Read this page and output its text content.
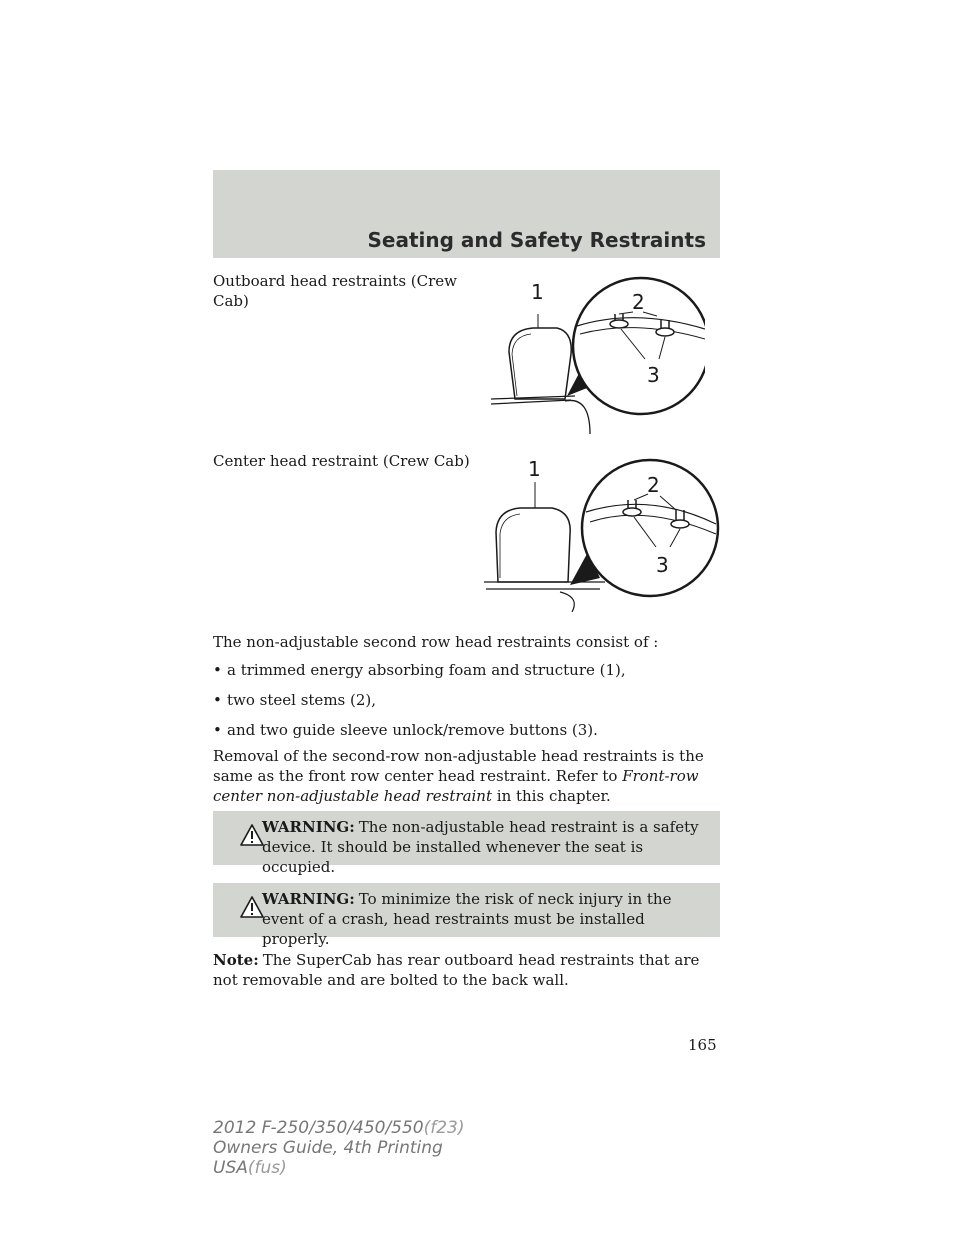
Seating and Safety Restraints
Outboard head restraints (Crew Cab)	1	2
3
Center head restraint (Crew Cab)	1
2
3
The non-adjustable second row head restraints consist of :
• a trimmed energy absorbing foam and structure (1),
• two steel stems (2),
• and two guide sleeve unlock/remove buttons (3).
Removal of the second-row non-adjustable head restraints is the same as the front row center head restraint. Refer to Front-row center non-adjustable head restraint in this chapter.
WARNING: The non-adjustable head restraint is a safety device. It should be installed whenever the seat is occupied.
WARNING: To minimize the risk of neck injury in the event of a crash, head restraints must be installed properly.
Note: The SuperCab has rear outboard head restraints that are not removable and are bolted to the back wall.
165
2012 F-250/350/450/550(f23)
Owners Guide, 4th Printing
USA(fus)
